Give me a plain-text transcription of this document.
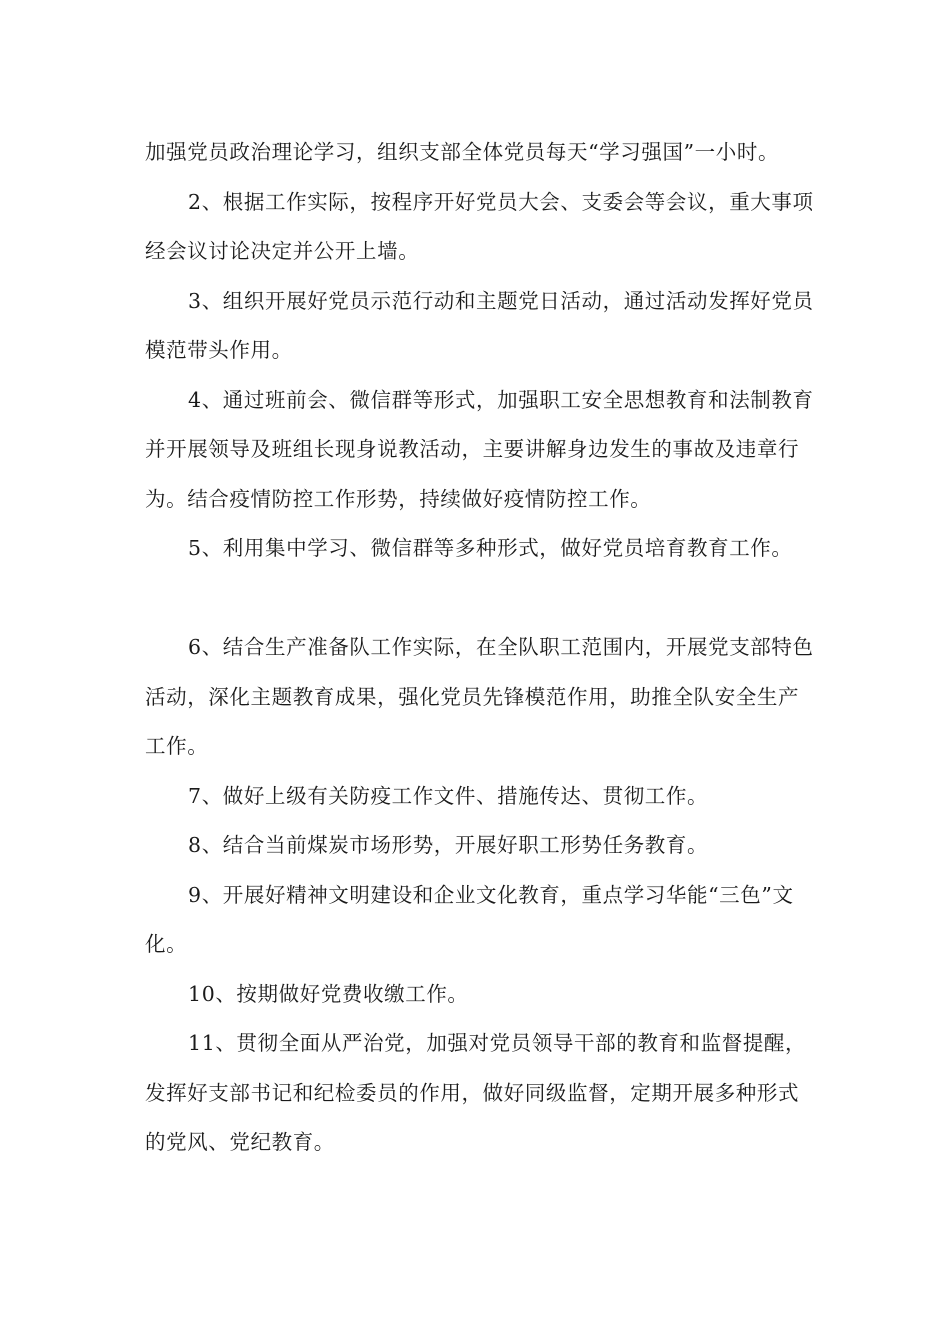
加强党员政治理论学习，组织支部全体党员每天“学习强国”一小时。

2、根据工作实际，按程序开好党员大会、支委会等会议，重大事项经会议讨论决定并公开上墙。

3、组织开展好党员示范行动和主题党日活动，通过活动发挥好党员模范带头作用。

4、通过班前会、微信群等形式，加强职工安全思想教育和法制教育并开展领导及班组长现身说教活动，主要讲解身边发生的事故及违章行为。结合疫情防控工作形势，持续做好疫情防控工作。

5、利用集中学习、微信群等多种形式，做好党员培育教育工作。

6、结合生产准备队工作实际，在全队职工范围内，开展党支部特色活动，深化主题教育成果，强化党员先锋模范作用，助推全队安全生产工作。

7、做好上级有关防疫工作文件、措施传达、贯彻工作。

8、结合当前煤炭市场形势，开展好职工形势任务教育。

9、开展好精神文明建设和企业文化教育，重点学习华能“三色”文化。

10、按期做好党费收缴工作。

11、贯彻全面从严治党，加强对党员领导干部的教育和监督提醒，发挥好支部书记和纪检委员的作用，做好同级监督，定期开展多种形式的党风、党纪教育。
